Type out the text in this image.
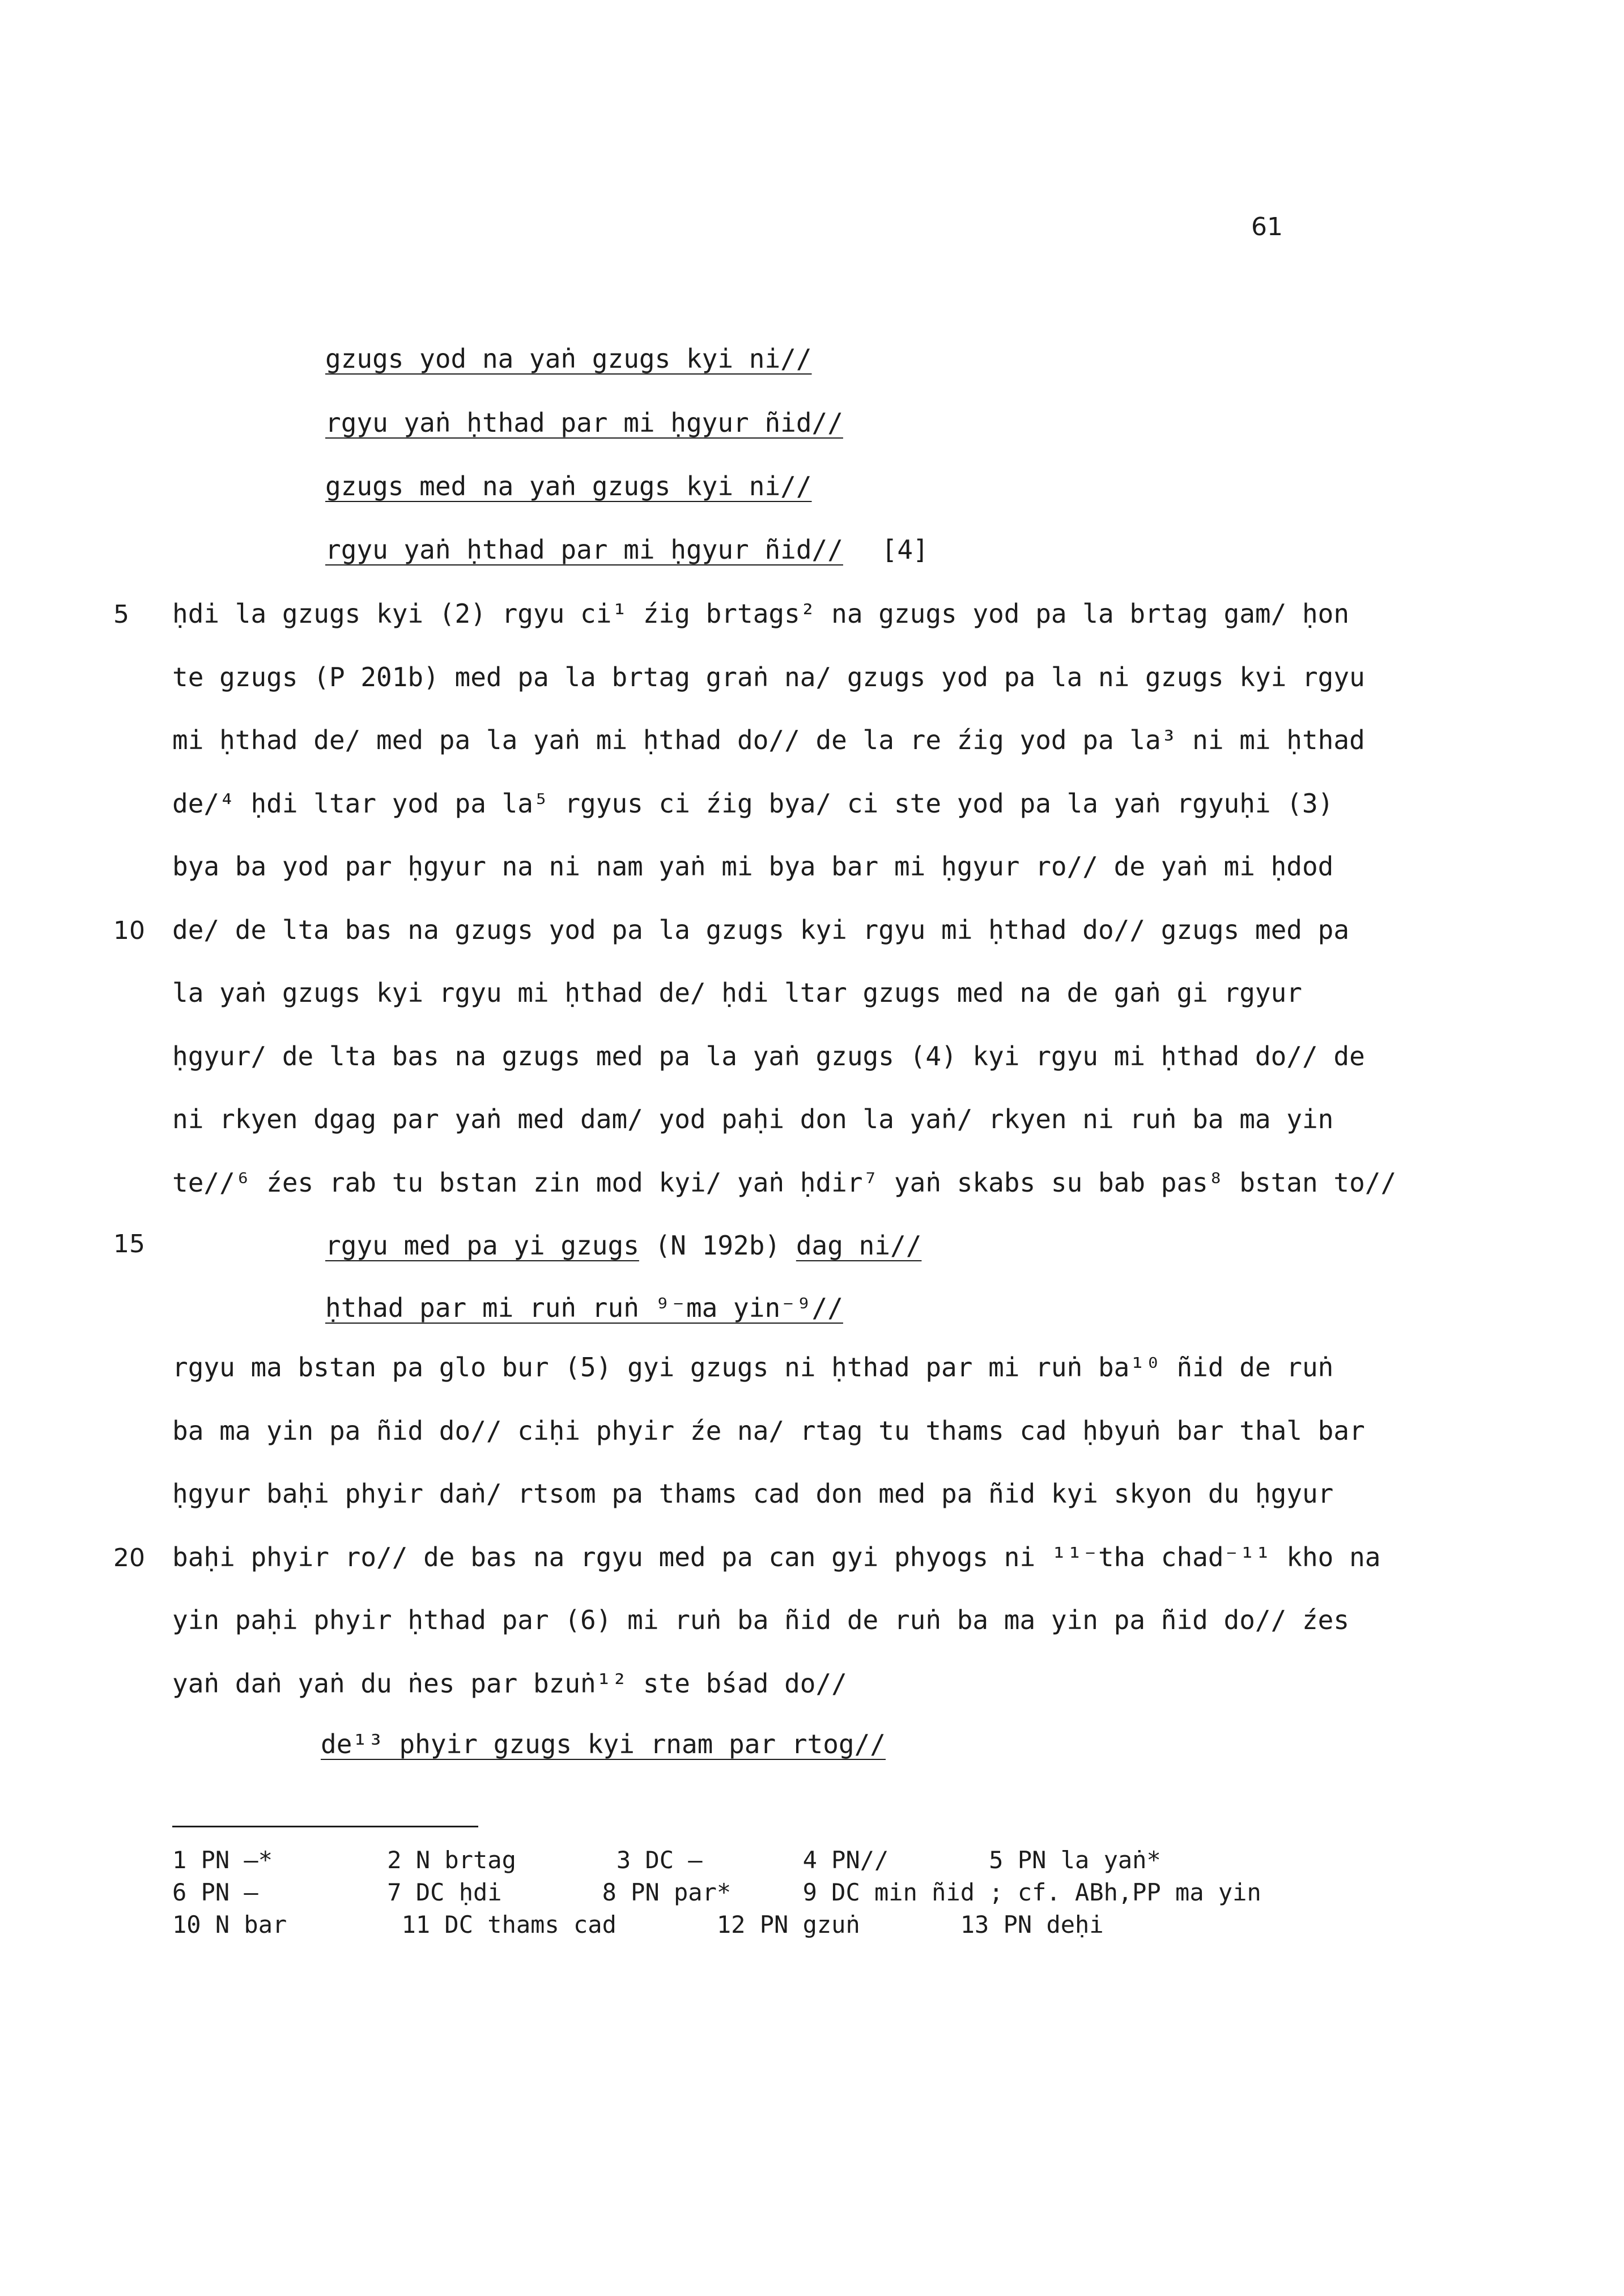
61
gzugs yod na yaṅ gzugs kyi ni//
rgyu yaṅ ḥthad par mi ḥgyur ñid//
gzugs med na yaṅ gzugs kyi ni//
rgyu yaṅ ḥthad par mi ḥgyur ñid// [4]
5 ḥdi la gzugs kyi (2) rgyu ci¹ źig brtags² na gzugs yod pa la brtag gam/ ḥon
te gzugs (P 201b) med pa la brtag graṅ na/ gzugs yod pa la ni gzugs kyi rgyu
mi ḥthad de/ med pa la yaṅ mi ḥthad do// de la re źig yod pa la³ ni mi ḥthad
de/⁴ ḥdi ltar yod pa la⁵ rgyus ci źig bya/ ci ste yod pa la yaṅ rgyuḥi (3)
bya ba yod par ḥgyur na ni nam yaṅ mi bya bar mi ḥgyur ro// de yaṅ mi ḥdod
10 de/ de lta bas na gzugs yod pa la gzugs kyi rgyu mi ḥthad do// gzugs med pa
la yaṅ gzugs kyi rgyu mi ḥthad de/ ḥdi ltar gzugs med na de gaṅ gi rgyur
ḥgyur/ de lta bas na gzugs med pa la yaṅ gzugs (4) kyi rgyu mi ḥthad do// de
ni rkyen dgag par yaṅ med dam/ yod paḥi don la yaṅ/ rkyen ni ruṅ ba ma yin
te//⁶ źes rab tu bstan zin mod kyi/ yaṅ ḥdir⁷ yaṅ skabs su bab pas⁸ bstan to//
15	rgyu med pa yi gzugs (N 192b) dag ni//
ḥthad par mi ruṅ ruṅ ⁹⁻ma yin⁻⁹//
rgyu ma bstan pa glo bur (5) gyi gzugs ni ḥthad par mi ruṅ ba¹⁰ ñid de ruṅ
ba ma yin pa ñid do// ciḥi phyir źe na/ rtag tu thams cad ḥbyuṅ bar thal bar
ḥgyur baḥi phyir daṅ/ rtsom pa thams cad don med pa ñid kyi skyon du ḥgyur
20 baḥi phyir ro// de bas na rgyu med pa can gyi phyogs ni ¹¹⁻tha chad⁻¹¹ kho na
yin paḥi phyir ḥthad par (6) mi ruṅ ba ñid de ruṅ ba ma yin pa ñid do// źes
yaṅ daṅ yaṅ du ṅes par bzuṅ¹² ste bśad do//
de¹³ phyir gzugs kyi rnam par rtog//
1 PN —*        2 N brtag       3 DC —       4 PN//       5 PN la yaṅ*
6 PN —         7 DC ḥdi       8 PN par*     9 DC min ñid ; cf. ABh,PP ma yin
10 N bar        11 DC thams cad       12 PN gzuṅ       13 PN deḥi
